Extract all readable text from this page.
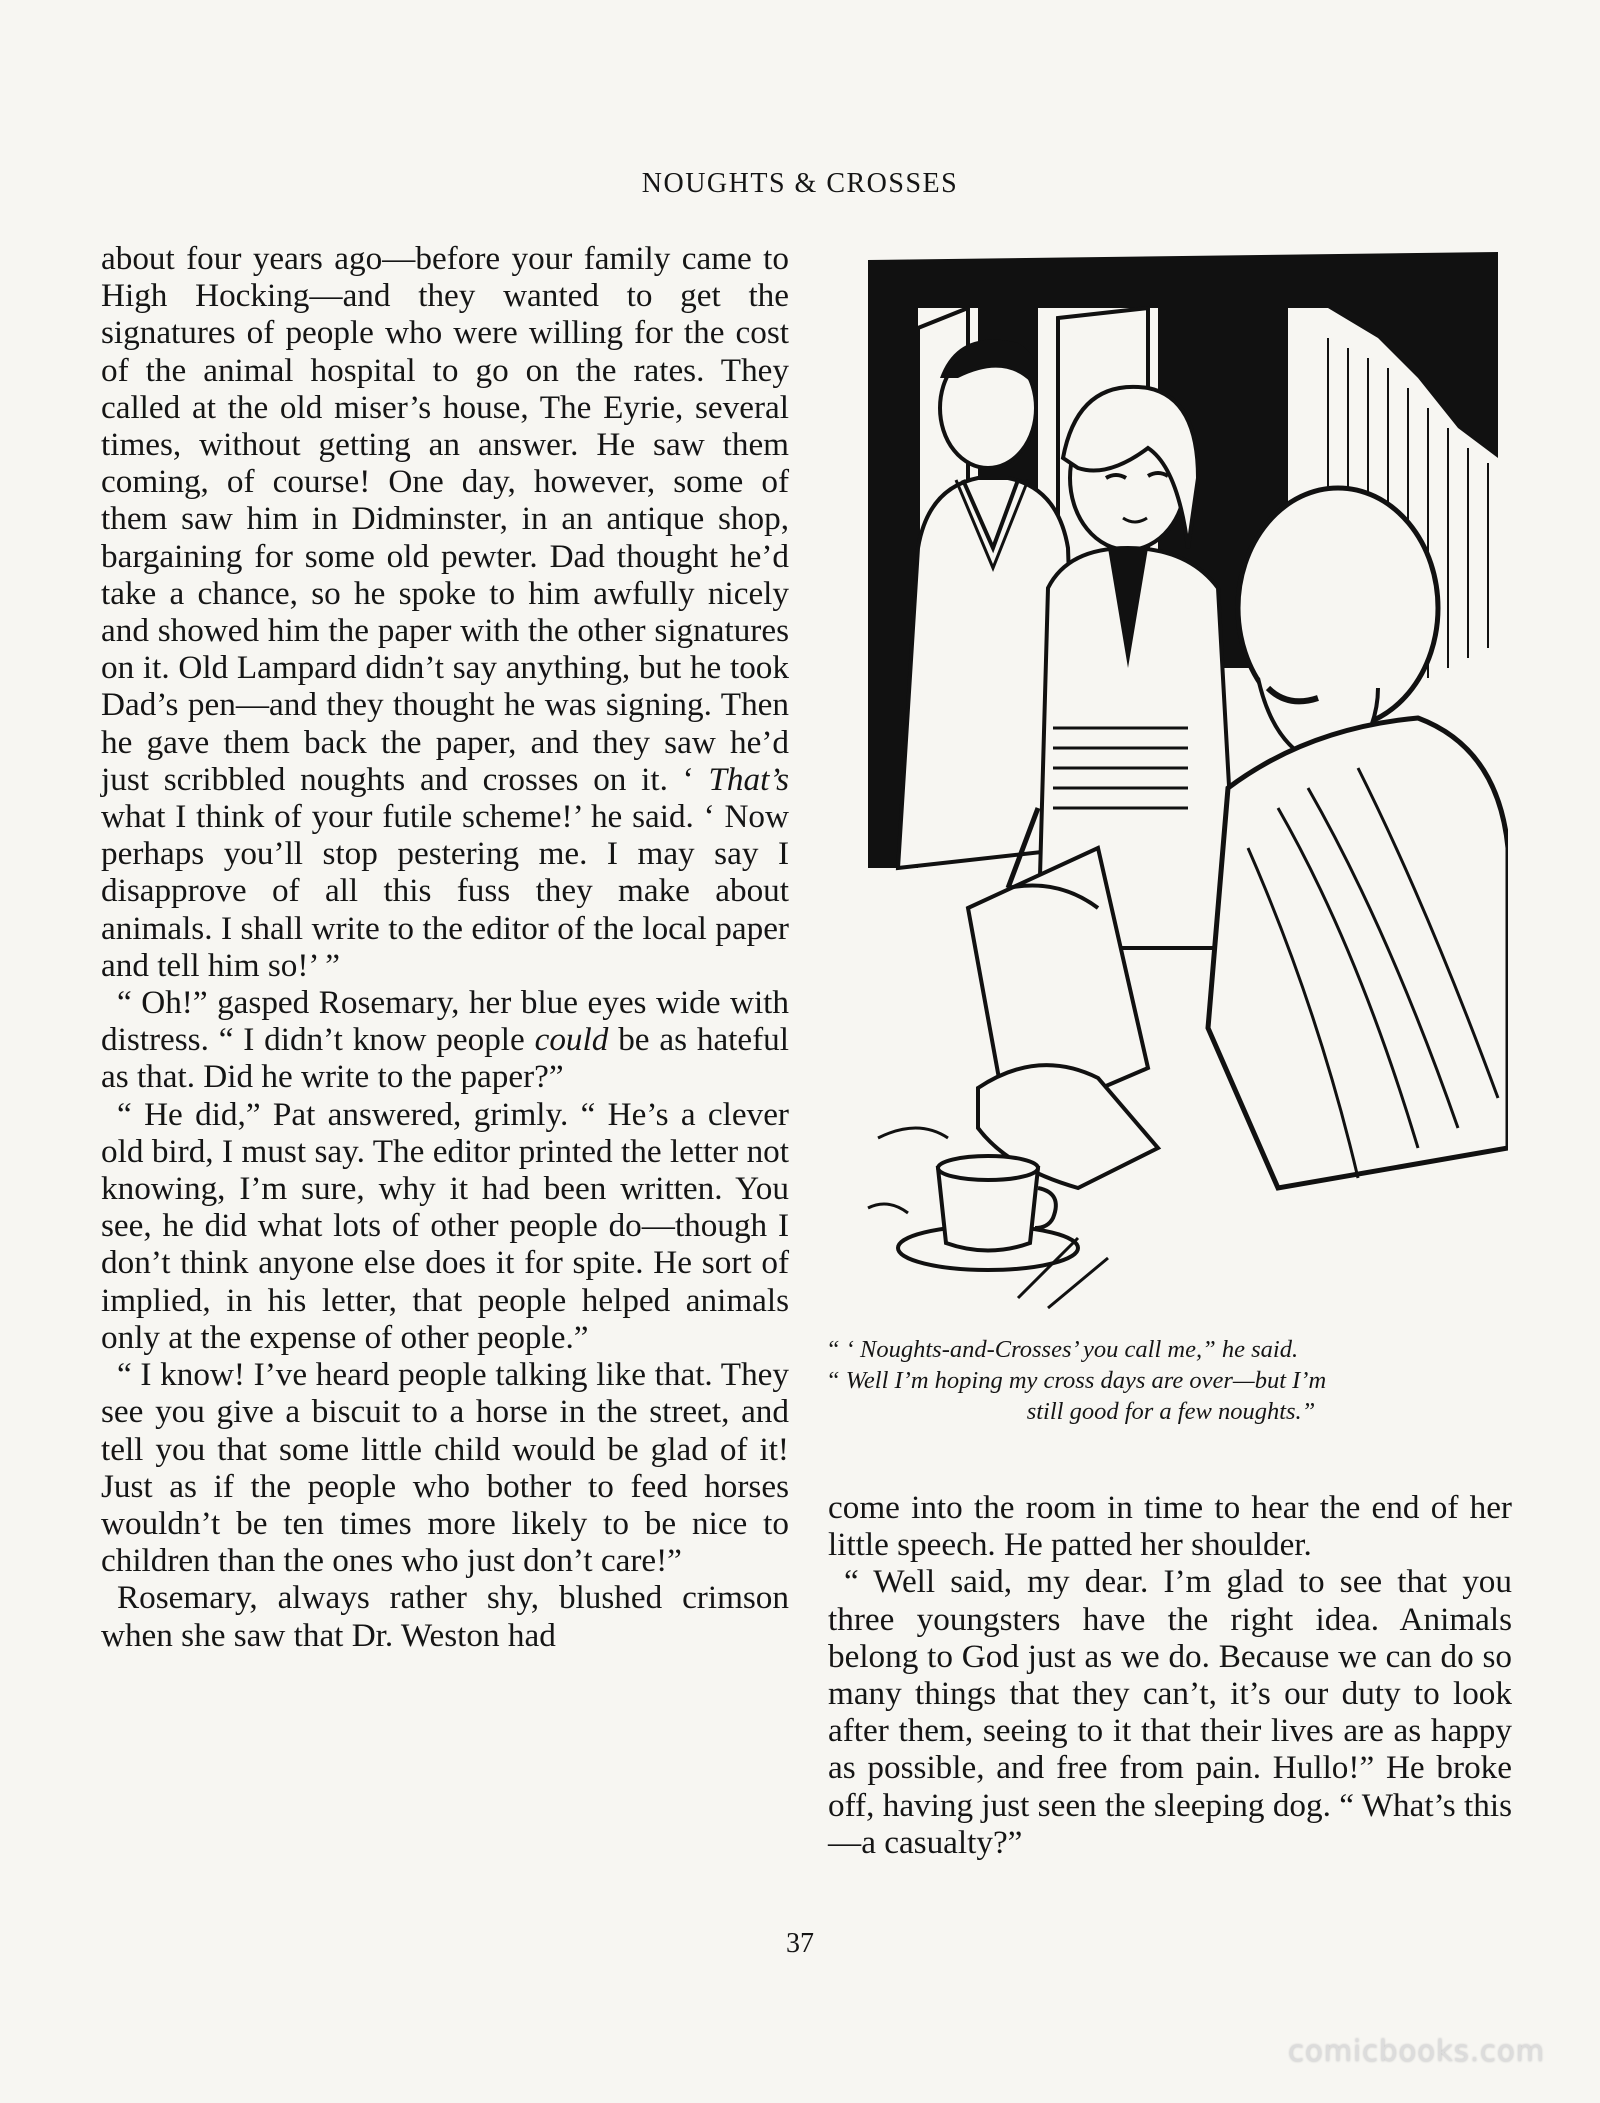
NOUGHTS & CROSSES

about four years ago—before your family came to High Hocking—and they wanted to get the signatures of people who were willing for the cost of the animal hospital to go on the rates. They called at the old miser’s house, The Eyrie, several times, without getting an answer. He saw them coming, of course! One day, however, some of them saw him in Didminster, in an antique shop, bargaining for some old pewter. Dad thought he’d take a chance, so he spoke to him awfully nicely and showed him the paper with the other signatures on it. Old Lampard didn’t say anything, but he took Dad’s pen—and they thought he was signing. Then he gave them back the paper, and they saw he’d just scribbled noughts and crosses on it. ‘ That’s what I think of your futile scheme!’ he said. ‘ Now perhaps you’ll stop pestering me. I may say I disapprove of all this fuss they make about animals. I shall write to the editor of the local paper and tell him so!’ ”

“ Oh!” gasped Rosemary, her blue eyes wide with distress. “ I didn’t know people could be as hateful as that. Did he write to the paper?”

“ He did,” Pat answered, grimly. “ He’s a clever old bird, I must say. The editor printed the letter not knowing, I’m sure, why it had been written. You see, he did what lots of other people do—though I don’t think anyone else does it for spite. He sort of implied, in his letter, that people helped animals only at the expense of other people.”

“ I know! I’ve heard people talking like that. They see you give a biscuit to a horse in the street, and tell you that some little child would be glad of it! Just as if the people who bother to feed horses wouldn’t be ten times more likely to be nice to children than the ones who just don’t care!”

Rosemary, always rather shy, blushed crimson when she saw that Dr. Weston had

“ ‘ Noughts-and-Crosses’ you call me,” he said.

“ Well I’m hoping my cross days are over—but I’m

still good for a few noughts.”

come into the room in time to hear the end of her little speech. He patted her shoulder.

“ Well said, my dear. I’m glad to see that you three youngsters have the right idea. Animals belong to God just as we do. Because we can do so many things that they can’t, it’s our duty to look after them, seeing to it that their lives are as happy as possible, and free from pain. Hullo!” He broke off, having just seen the sleeping dog. “ What’s this—a casualty?”

37
comicbooks.com
